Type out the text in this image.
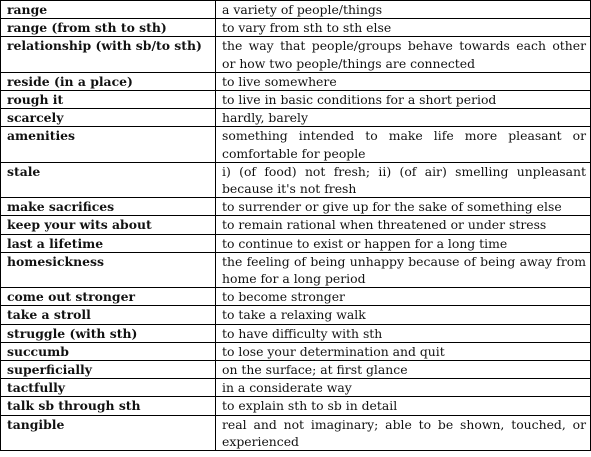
range	a variety of people/things
range (from sth to sth)	to vary from sth to sth else
relationship (with sb/to sth)	the way that people/groups behave towards each other or how two people/things are connected
reside (in a place)	to live somewhere
rough it	to live in basic conditions for a short period
scarcely	hardly, barely
amenities	something intended to make life more pleasant or comfortable for people
stale	i) (of food) not fresh; ii) (of air) smelling unpleasant because it's not fresh
make sacrifices	to surrender or give up for the sake of something else
keep your wits about	to remain rational when threatened or under stress
last a lifetime	to continue to exist or happen for a long time
homesickness	the feeling of being unhappy because of being away from home for a long period
come out stronger	to become stronger
take a stroll	to take a relaxing walk
struggle (with sth)	to have difficulty with sth
succumb	to lose your determination and quit
superficially	on the surface; at first glance
tactfully	in a considerate way
talk sb through sth	to explain sth to sb in detail
tangible	real and not imaginary; able to be shown, touched, or experienced
